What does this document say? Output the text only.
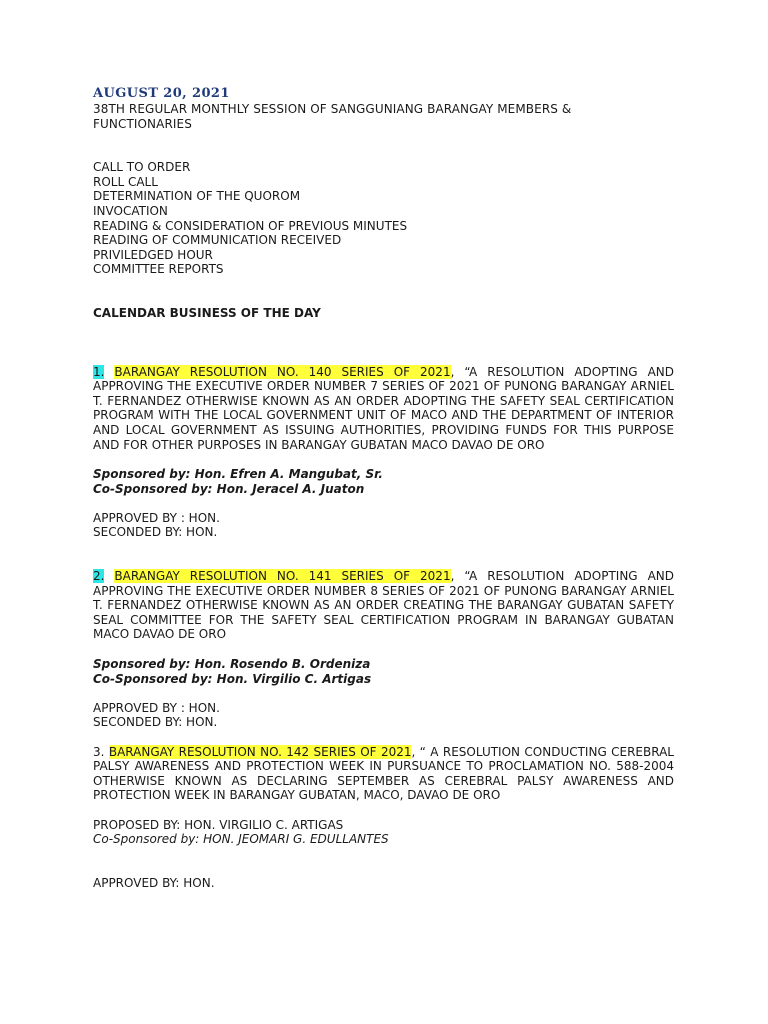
AUGUST 20, 2021
38TH REGULAR MONTHLY SESSION OF SANGGUNIANG BARANGAY MEMBERS & FUNCTIONARIES
CALL TO ORDER
ROLL CALL
DETERMINATION OF THE QUOROM
INVOCATION
READING & CONSIDERATION OF PREVIOUS MINUTES
READING OF COMMUNICATION RECEIVED
PRIVILEDGED HOUR
COMMITTEE REPORTS
CALENDAR BUSINESS OF THE DAY
1. BARANGAY RESOLUTION NO. 140 SERIES OF 2021, “A RESOLUTION ADOPTING AND APPROVING THE EXECUTIVE ORDER NUMBER 7 SERIES OF 2021 OF PUNONG BARANGAY ARNIEL T. FERNANDEZ OTHERWISE KNOWN AS AN ORDER ADOPTING THE SAFETY SEAL CERTIFICATION PROGRAM WITH THE LOCAL GOVERNMENT UNIT OF MACO AND THE DEPARTMENT OF INTERIOR AND LOCAL GOVERNMENT AS ISSUING AUTHORITIES, PROVIDING FUNDS FOR THIS PURPOSE AND FOR OTHER PURPOSES IN BARANGAY GUBATAN MACO DAVAO DE ORO
Sponsored by: Hon. Efren A. Mangubat, Sr.
Co-Sponsored by: Hon. Jeracel A. Juaton
APPROVED BY : HON.
SECONDED BY: HON.
2. BARANGAY RESOLUTION NO. 141 SERIES OF 2021, “A RESOLUTION ADOPTING AND APPROVING THE EXECUTIVE ORDER NUMBER 8 SERIES OF 2021 OF PUNONG BARANGAY ARNIEL T. FERNANDEZ OTHERWISE KNOWN AS AN ORDER CREATING THE BARANGAY GUBATAN SAFETY SEAL COMMITTEE FOR THE SAFETY SEAL CERTIFICATION PROGRAM IN BARANGAY GUBATAN MACO DAVAO DE ORO
Sponsored by: Hon. Rosendo B. Ordeniza
Co-Sponsored by: Hon. Virgilio C. Artigas
APPROVED BY : HON.
SECONDED BY: HON.
3. BARANGAY RESOLUTION NO. 142 SERIES OF 2021, “ A RESOLUTION CONDUCTING CEREBRAL PALSY AWARENESS AND PROTECTION WEEK IN PURSUANCE TO PROCLAMATION NO. 588-2004 OTHERWISE KNOWN AS DECLARING SEPTEMBER AS CEREBRAL PALSY AWARENESS AND PROTECTION WEEK IN BARANGAY GUBATAN, MACO, DAVAO DE ORO
PROPOSED BY: HON. VIRGILIO C. ARTIGAS
Co-Sponsored by: HON. JEOMARI G. EDULLANTES
APPROVED BY: HON.
